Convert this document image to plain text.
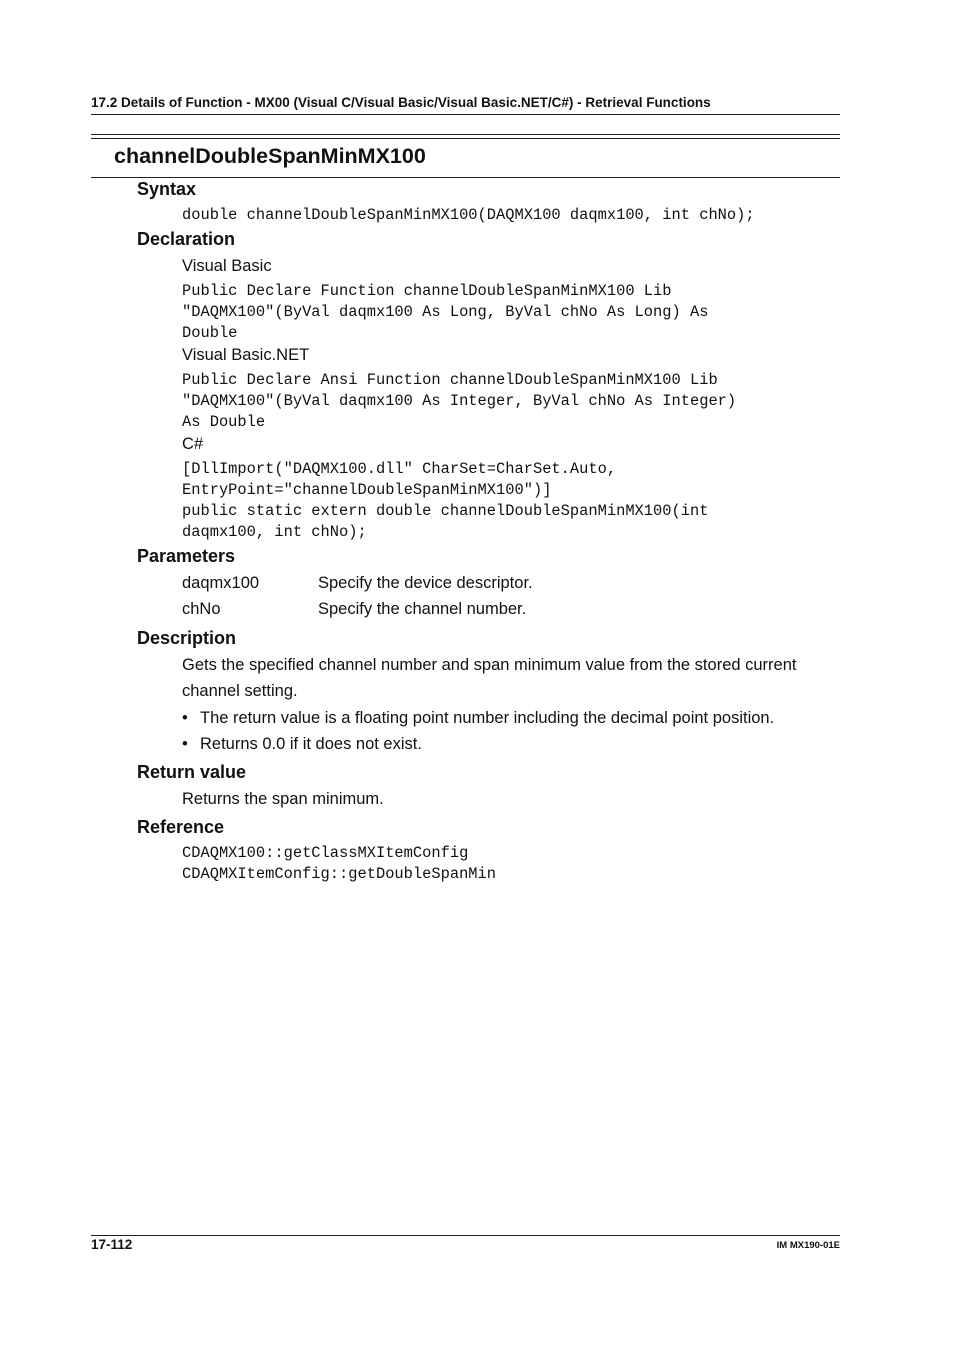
17.2 Details of Function - MX00 (Visual C/Visual Basic/Visual Basic.NET/C#) - Retrieval Functions
channelDoubleSpanMinMX100
Syntax
double channelDoubleSpanMinMX100(DAQMX100 daqmx100, int chNo);
Declaration
Visual Basic
Public Declare Function channelDoubleSpanMinMX100 Lib
"DAQMX100"(ByVal daqmx100 As Long, ByVal chNo As Long) As
Double
Visual Basic.NET
Public Declare Ansi Function channelDoubleSpanMinMX100 Lib
"DAQMX100"(ByVal daqmx100 As Integer, ByVal chNo As Integer)
As Double
C#
[DllImport("DAQMX100.dll" CharSet=CharSet.Auto,
EntryPoint="channelDoubleSpanMinMX100")]
public static extern double channelDoubleSpanMinMX100(int
daqmx100, int chNo);
Parameters
daqmx100	Specify the device descriptor.
chNo	Specify the channel number.
Description
Gets the specified channel number and span minimum value from the stored current
channel setting.
• The return value is a floating point number including the decimal point position.
• Returns 0.0 if it does not exist.
Return value
Returns the span minimum.
Reference
CDAQMX100::getClassMXItemConfig
CDAQMXItemConfig::getDoubleSpanMin
17-112	IM MX190-01E
